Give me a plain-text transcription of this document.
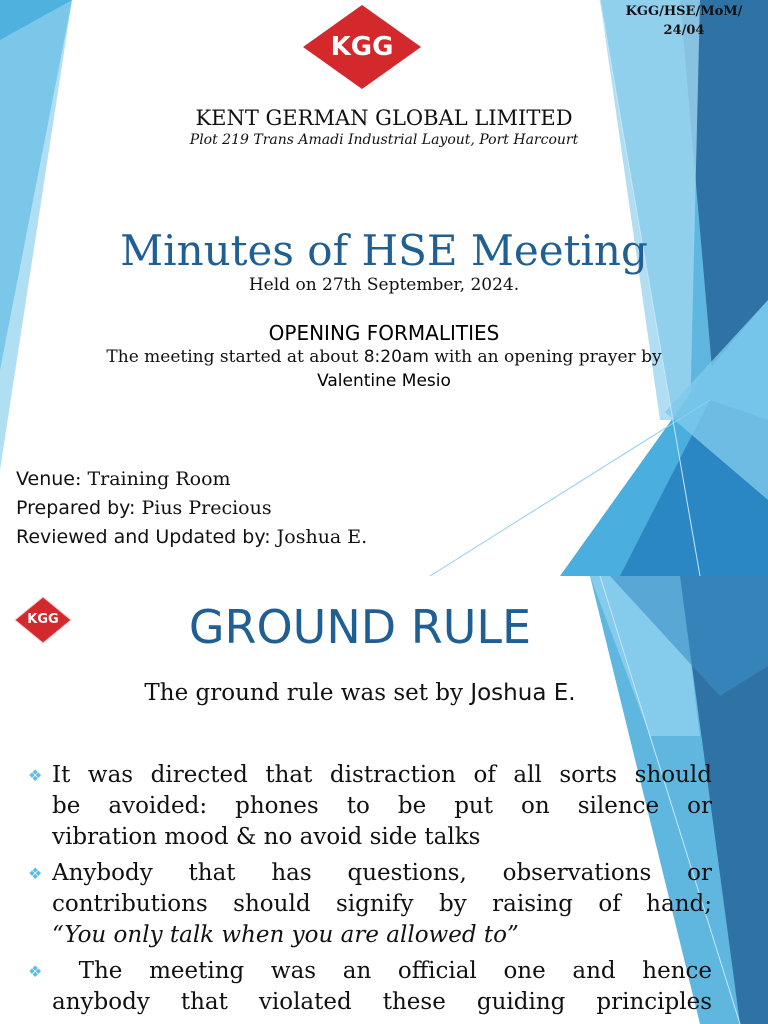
KGG/HSE/MoM/
24/04
KGG
KENT GERMAN GLOBAL LIMITED
Plot 219 Trans Amadi Industrial Layout, Port Harcourt
Minutes of HSE Meeting
Held on 27th September, 2024.
OPENING FORMALITIES
The meeting started at about 8:20am with an opening prayer by
Valentine Mesio
Venue: Training Room
Prepared by: Pius Precious
Reviewed and Updated by: Joshua E.
KGG	GROUND RULE
The ground rule was set by Joshua E.
❖ It was directed that distraction of all sorts should
be avoided: phones to be put on silence or
vibration mood & no avoid side talks
❖ Anybody that has questions, observations or
contributions should signify by raising of hand;
“You only talk when you are allowed to”
❖ The meeting was an official one and hence
anybody that violated these guiding principles
